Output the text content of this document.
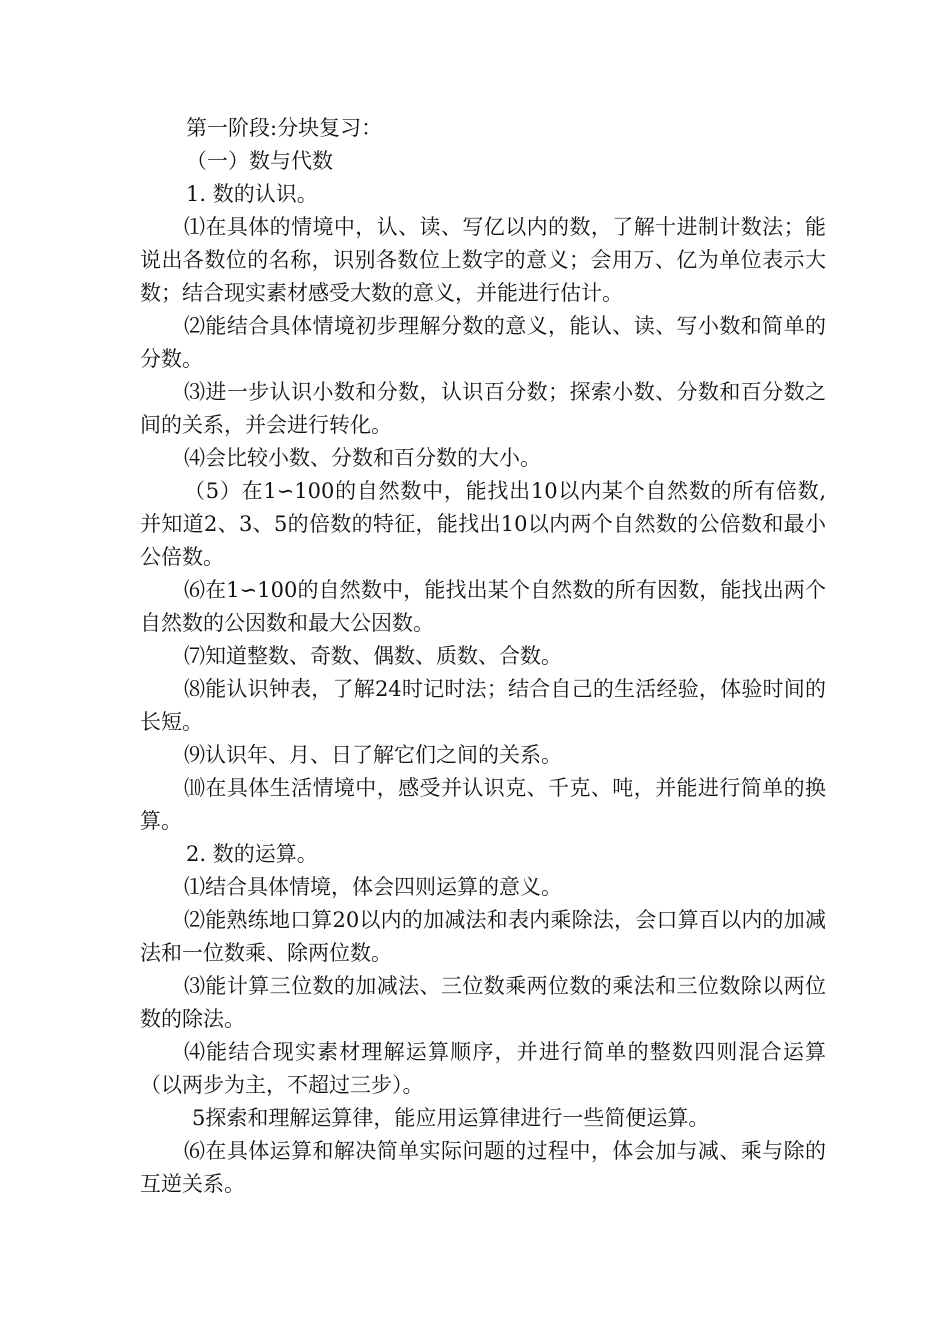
第一阶段:分块复习：

（一）数与代数

1. 数的认识。

⑴在具体的情境中，认、读、写亿以内的数，了解十进制计数法；能说出各数位的名称，识别各数位上数字的意义；会用万、亿为单位表示大数；结合现实素材感受大数的意义，并能进行估计。

⑵能结合具体情境初步理解分数的意义，能认、读、写小数和简单的分数。

⑶进一步认识小数和分数，认识百分数；探索小数、分数和百分数之间的关系，并会进行转化。

⑷会比较小数、分数和百分数的大小。

（5）在1∽100的自然数中，能找出10以内某个自然数的所有倍数,并知道2、3、5的倍数的特征，能找出10以内两个自然数的公倍数和最小公倍数。

⑹在1∽100的自然数中，能找出某个自然数的所有因数，能找出两个自然数的公因数和最大公因数。

⑺知道整数、奇数、偶数、质数、合数。

⑻能认识钟表，了解24时记时法；结合自己的生活经验，体验时间的长短。

⑼认识年、月、日了解它们之间的关系。

⑽在具体生活情境中，感受并认识克、千克、吨，并能进行简单的换算。

2. 数的运算。

⑴结合具体情境，体会四则运算的意义。

⑵能熟练地口算20以内的加减法和表内乘除法，会口算百以内的加减法和一位数乘、除两位数。

⑶能计算三位数的加减法、三位数乘两位数的乘法和三位数除以两位数的除法。

⑷能结合现实素材理解运算顺序，并进行简单的整数四则混合运算（以两步为主，不超过三步）。

5探索和理解运算律，能应用运算律进行一些简便运算。

⑹在具体运算和解决简单实际问题的过程中，体会加与减、乘与除的互逆关系。
